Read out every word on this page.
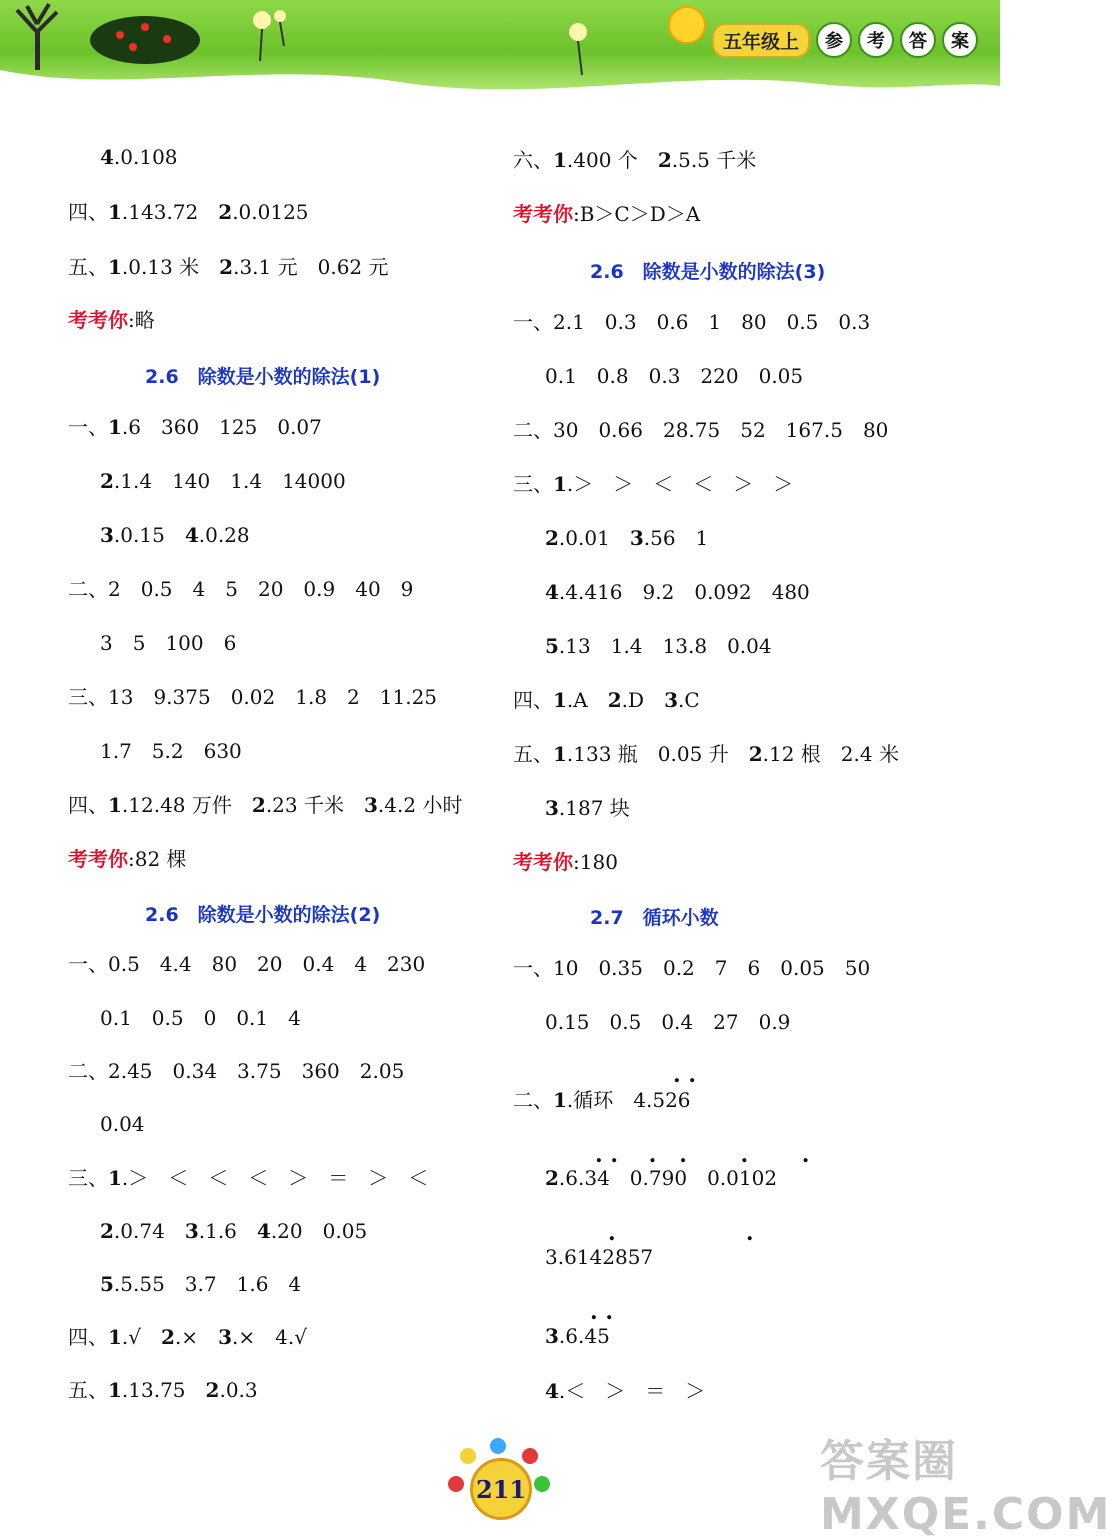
五年级上	参	考	答	案
4.0.108
四、1.143.72　2.0.0125
五、1.0.13 米　2.3.1 元　0.62 元
考考你:略
2.6　除数是小数的除法(1)
一、1.6　360　125　0.07
2.1.4　140　1.4　14000
3.0.15　4.0.28
二、2　0.5　4　5　20　0.9　40　9
3　5　100　6
三、13　9.375　0.02　1.8　2　11.25
1.7　5.2　630
四、1.12.48 万件　2.23 千米　3.4.2 小时
考考你:82 棵
2.6　除数是小数的除法(2)
一、0.5　4.4　80　20　0.4　4　230
0.1　0.5　0　0.1　4
二、2.45　0.34　3.75　360　2.05
0.04
三、1.＞　＜　＜　＜　＞　＝　＞　＜
2.0.74　3.1.6　4.20　0.05
5.5.55　3.7　1.6　4
四、1.√　2.×　3.×　4.√
五、1.13.75　2.0.3
六、1.400 个　2.5.5 千米
考考你:B＞C＞D＞A
2.6　除数是小数的除法(3)
一、2.1　0.3　0.6　1　80　0.5　0.3
0.1　0.8　0.3　220　0.05
二、30　0.66　28.75　52　167.5　80
三、1.＞　＞　＜　＜　＞　＞
2.0.01　3.56　1
4.4.416　9.2　0.092　480
5.13　1.4　13.8　0.04
四、1.A　2.D　3.C
五、1.133 瓶　0.05 升　2.12 根　2.4 米
3.187 块
考考你:180
2.7　循环小数
一、10　0.35　0.2　7　6　0.05　50
0.15　0.5　0.4　27　0.9
二、1.循环　4.526
2.6.34　0.790　0.0102
3.6142857
3.6.45
4.＜　＞　＝　＞
. .
. .    .   .       .       .
.                 .
. .
211
答案圈 MXQE.COM
